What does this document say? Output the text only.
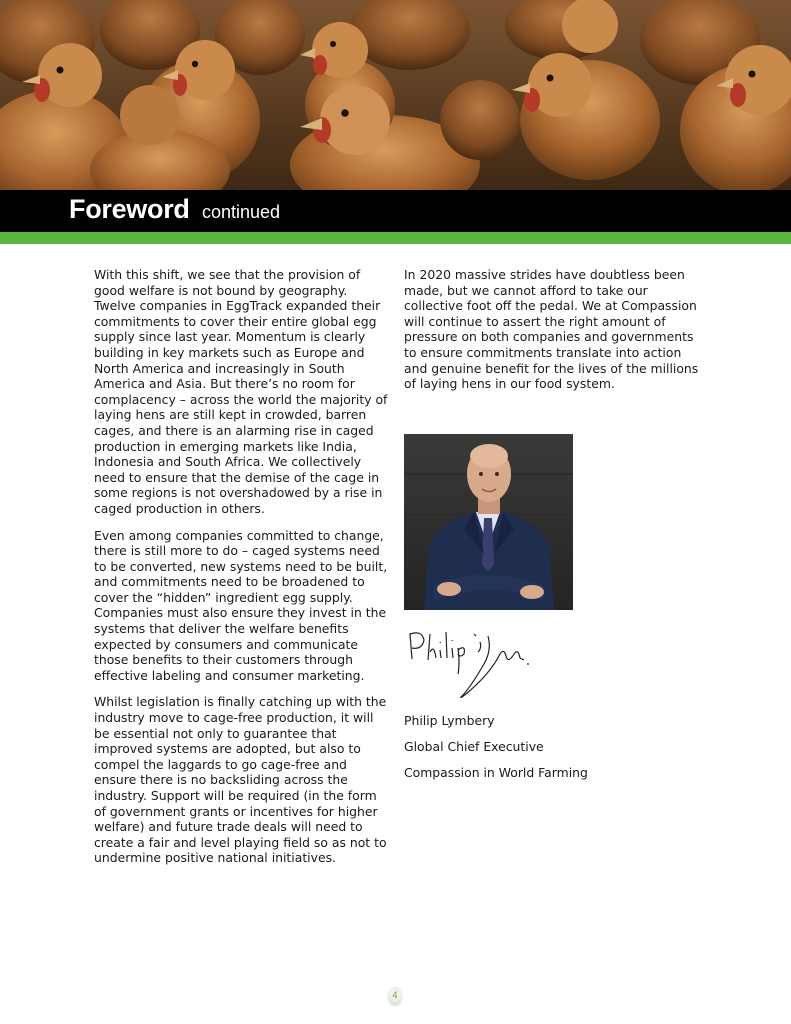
Foreword continued

With this shift, we see that the provision of good welfare is not bound by geography. Twelve companies in EggTrack expanded their commitments to cover their entire global egg supply since last year. Momentum is clearly building in key markets such as Europe and North America and increasingly in South America and Asia. But there’s no room for complacency – across the world the majority of laying hens are still kept in crowded, barren cages, and there is an alarming rise in caged production in emerging markets like India, Indonesia and South Africa. We collectively need to ensure that the demise of the cage in some regions is not overshadowed by a rise in caged production in others.

Even among companies committed to change, there is still more to do – caged systems need to be converted, new systems need to be built, and commitments need to be broadened to cover the “hidden” ingredient egg supply. Companies must also ensure they invest in the systems that deliver the welfare benefits expected by consumers and communicate those benefits to their customers through effective labeling and consumer marketing.

Whilst legislation is finally catching up with the industry move to cage-free production, it will be essential not only to guarantee that improved systems are adopted, but also to compel the laggards to go cage-free and ensure there is no backsliding across the industry. Support will be required (in the form of government grants or incentives for higher welfare) and future trade deals will need to create a fair and level playing field so as not to undermine positive national initiatives.

In 2020 massive strides have doubtless been made, but we cannot afford to take our collective foot off the pedal. We at Compassion will continue to assert the right amount of pressure on both companies and governments to ensure commitments translate into action and genuine benefit for the lives of the millions of laying hens in our food system.

Philip Lymbery
Global Chief Executive
Compassion in World Farming
4
